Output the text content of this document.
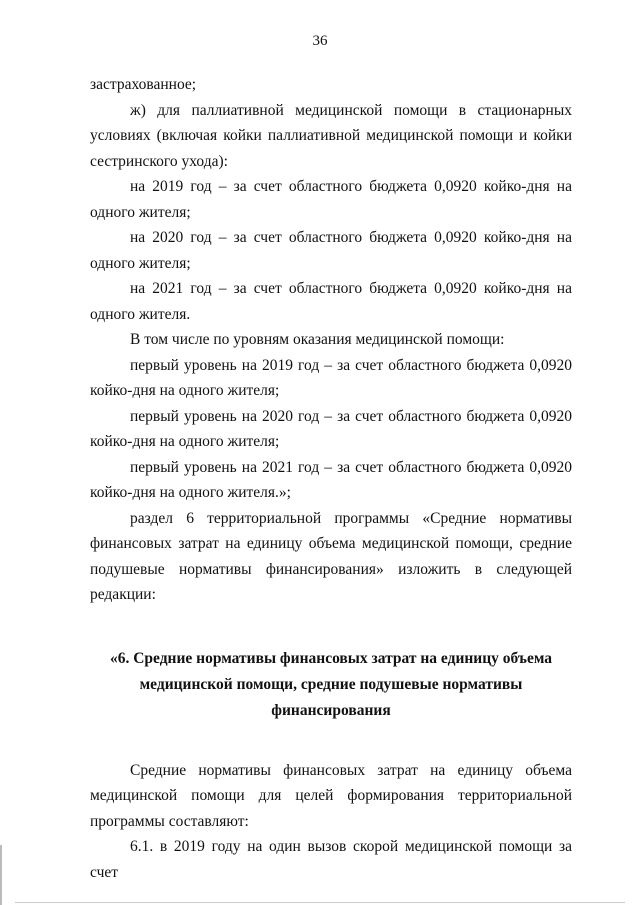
36

застрахованное;

ж) для паллиативной медицинской помощи в стационарных условиях (включая койки паллиативной медицинской помощи и койки сестринского ухода):

на 2019 год – за счет областного бюджета 0,0920 койко-дня на одного жителя;

на 2020 год – за счет областного бюджета 0,0920 койко-дня на одного жителя;

на 2021 год – за счет областного бюджета 0,0920 койко-дня на одного жителя.

В том числе по уровням оказания медицинской помощи:

первый уровень на 2019 год – за счет областного бюджета 0,0920 койко-дня на одного жителя;

первый уровень на 2020 год – за счет областного бюджета 0,0920 койко-дня на одного жителя;

первый уровень на 2021 год – за счет областного бюджета 0,0920 койко-дня на одного жителя.»;

раздел 6 территориальной программы «Средние нормативы финансовых затрат на единицу объема медицинской помощи, средние подушевые нормативы финансирования» изложить в следующей редакции:

«6. Средние нормативы финансовых затрат на единицу объема
медицинской помощи, средние подушевые нормативы
финансирования

Средние нормативы финансовых затрат на единицу объема медицинской помощи для целей формирования территориальной программы составляют:

6.1. в 2019 году на один вызов скорой медицинской помощи за счет
